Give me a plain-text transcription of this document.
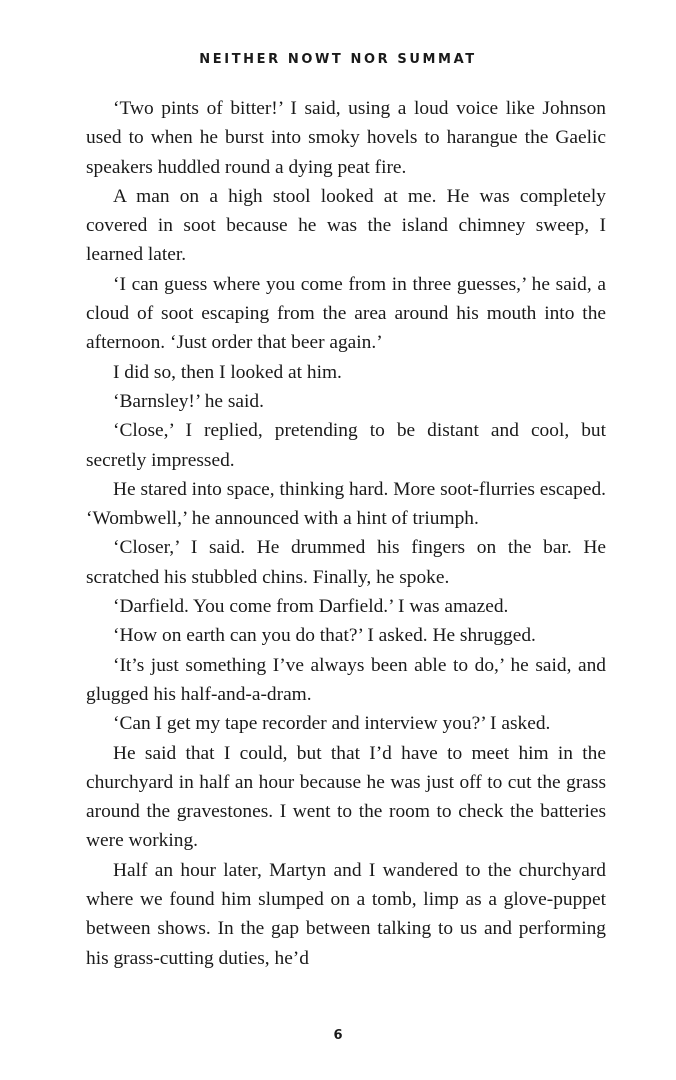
NEITHER NOWT NOR SUMMAT

‘Two pints of bitter!’ I said, using a loud voice like Johnson used to when he burst into smoky hovels to harangue the Gaelic speakers huddled round a dying peat fire.

A man on a high stool looked at me. He was completely covered in soot because he was the island chimney sweep, I learned later.

‘I can guess where you come from in three guesses,’ he said, a cloud of soot escaping from the area around his mouth into the afternoon. ‘Just order that beer again.’

I did so, then I looked at him.

‘Barnsley!’ he said.

‘Close,’ I replied, pretending to be distant and cool, but secretly impressed.

He stared into space, thinking hard. More soot-flurries escaped. ‘Wombwell,’ he announced with a hint of triumph.

‘Closer,’ I said. He drummed his fingers on the bar. He scratched his stubbled chins. Finally, he spoke.

‘Darfield. You come from Darfield.’ I was amazed.

‘How on earth can you do that?’ I asked. He shrugged.

‘It’s just something I’ve always been able to do,’ he said, and glugged his half-and-a-dram.

‘Can I get my tape recorder and interview you?’ I asked.

He said that I could, but that I’d have to meet him in the churchyard in half an hour because he was just off to cut the grass around the gravestones. I went to the room to check the batteries were working.

Half an hour later, Martyn and I wandered to the churchyard where we found him slumped on a tomb, limp as a glove-puppet between shows. In the gap between talking to us and performing his grass-cutting duties, he’d

6
